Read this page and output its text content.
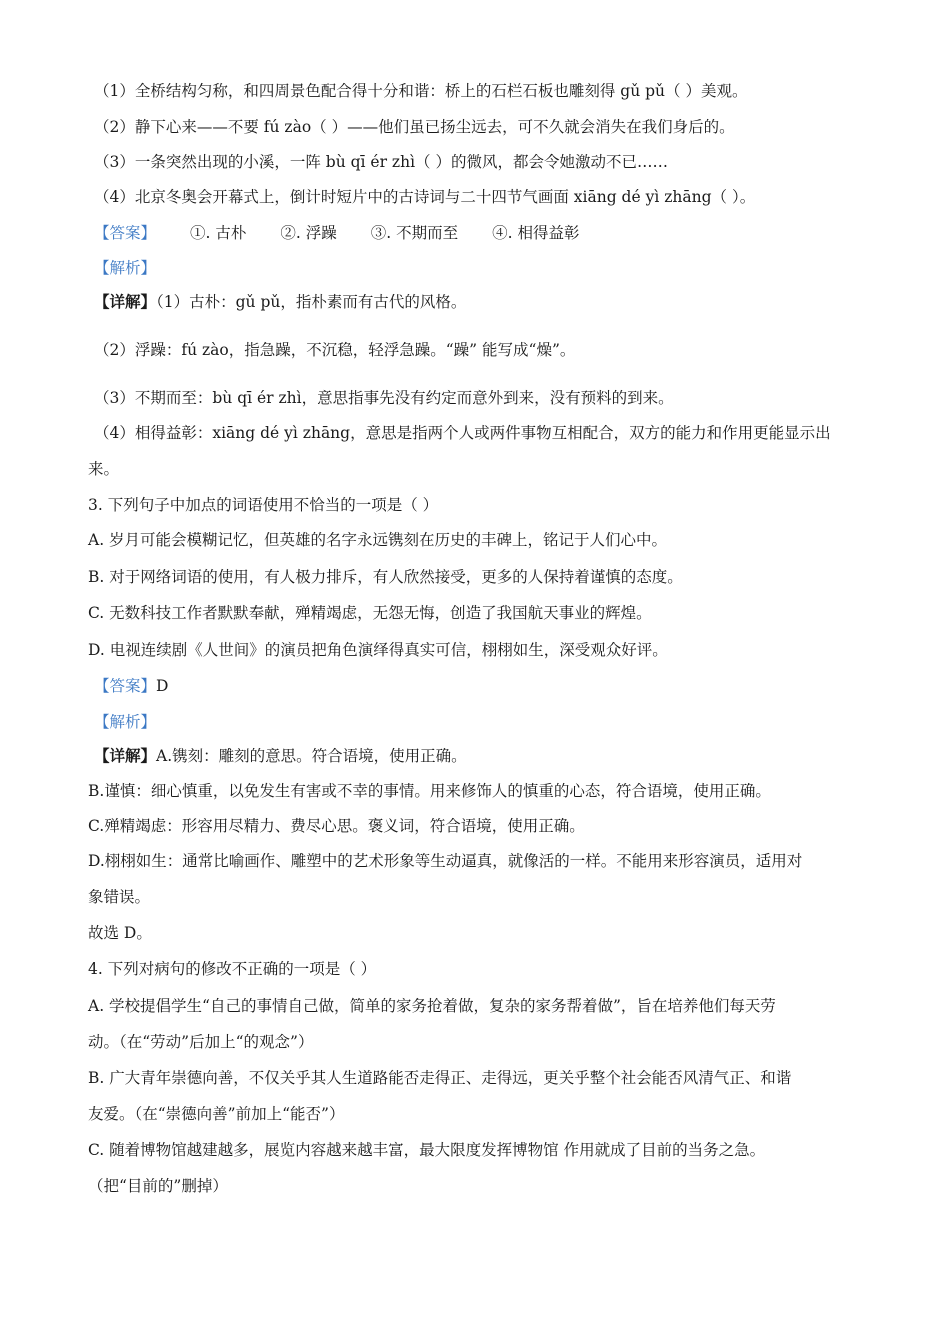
（1）全桥结构匀称，和四周景色配合得十分和谐：桥上的石栏石板也雕刻得 gǔ pǔ（ ）美观。
（2）静下心来——不要 fú zào（ ）——他们虽已扬尘远去，可不久就会消失在我们身后的。
（3）一条突然出现的小溪，一阵 bù qī ér zhì（ ）的微风，都会令她激动不已……
（4）北京冬奥会开幕式上，倒计时短片中的古诗词与二十四节气画面 xiāng dé yì zhāng（ ）。
【答案】 ①. 古朴 ②. 浮躁 ③. 不期而至 ④. 相得益彰
【解析】
【详解】（1）古朴：gǔ pǔ，指朴素而有古代的风格。
（2）浮躁：fú zào，指急躁，不沉稳，轻浮急躁。“躁” 能写成“燥”。
（3）不期而至：bù qī ér zhì，意思指事先没有约定而意外到来，没有预料的到来。
（4）相得益彰：xiāng dé yì zhāng，意思是指两个人或两件事物互相配合，双方的能力和作用更能显示出
来。
3. 下列句子中加点的词语使用不恰当的一项是（ ）
A. 岁月可能会模糊记忆，但英雄的名字永远镌刻在历史的丰碑上，铭记于人们心中。
B. 对于网络词语的使用，有人极力排斥，有人欣然接受，更多的人保持着谨慎的态度。
C. 无数科技工作者默默奉献，殚精竭虑，无怨无悔，创造了我国航天事业的辉煌。
D. 电视连续剧《人世间》的演员把角色演绎得真实可信，栩栩如生，深受观众好评。
【答案】D
【解析】
【详解】A.镌刻：雕刻的意思。符合语境，使用正确。
B.谨慎：细心慎重，以免发生有害或不幸的事情。用来修饰人的慎重的心态，符合语境，使用正确。
C.殚精竭虑：形容用尽精力、费尽心思。褒义词，符合语境，使用正确。
D.栩栩如生：通常比喻画作、雕塑中的艺术形象等生动逼真，就像活的一样。不能用来形容演员，适用对
象错误。
故选 D。
4. 下列对病句的修改不正确的一项是（ ）
A. 学校提倡学生“自己的事情自己做，简单的家务抢着做，复杂的家务帮着做”，旨在培养他们每天劳
动。（在“劳动”后加上“的观念”）
B. 广大青年崇德向善，不仅关乎其人生道路能否走得正、走得远，更关乎整个社会能否风清气正、和谐
友爱。（在“崇德向善”前加上“能否”）
C. 随着博物馆越建越多，展览内容越来越丰富，最大限度发挥博物馆 作用就成了目前的当务之急。
（把“目前的”删掉）
